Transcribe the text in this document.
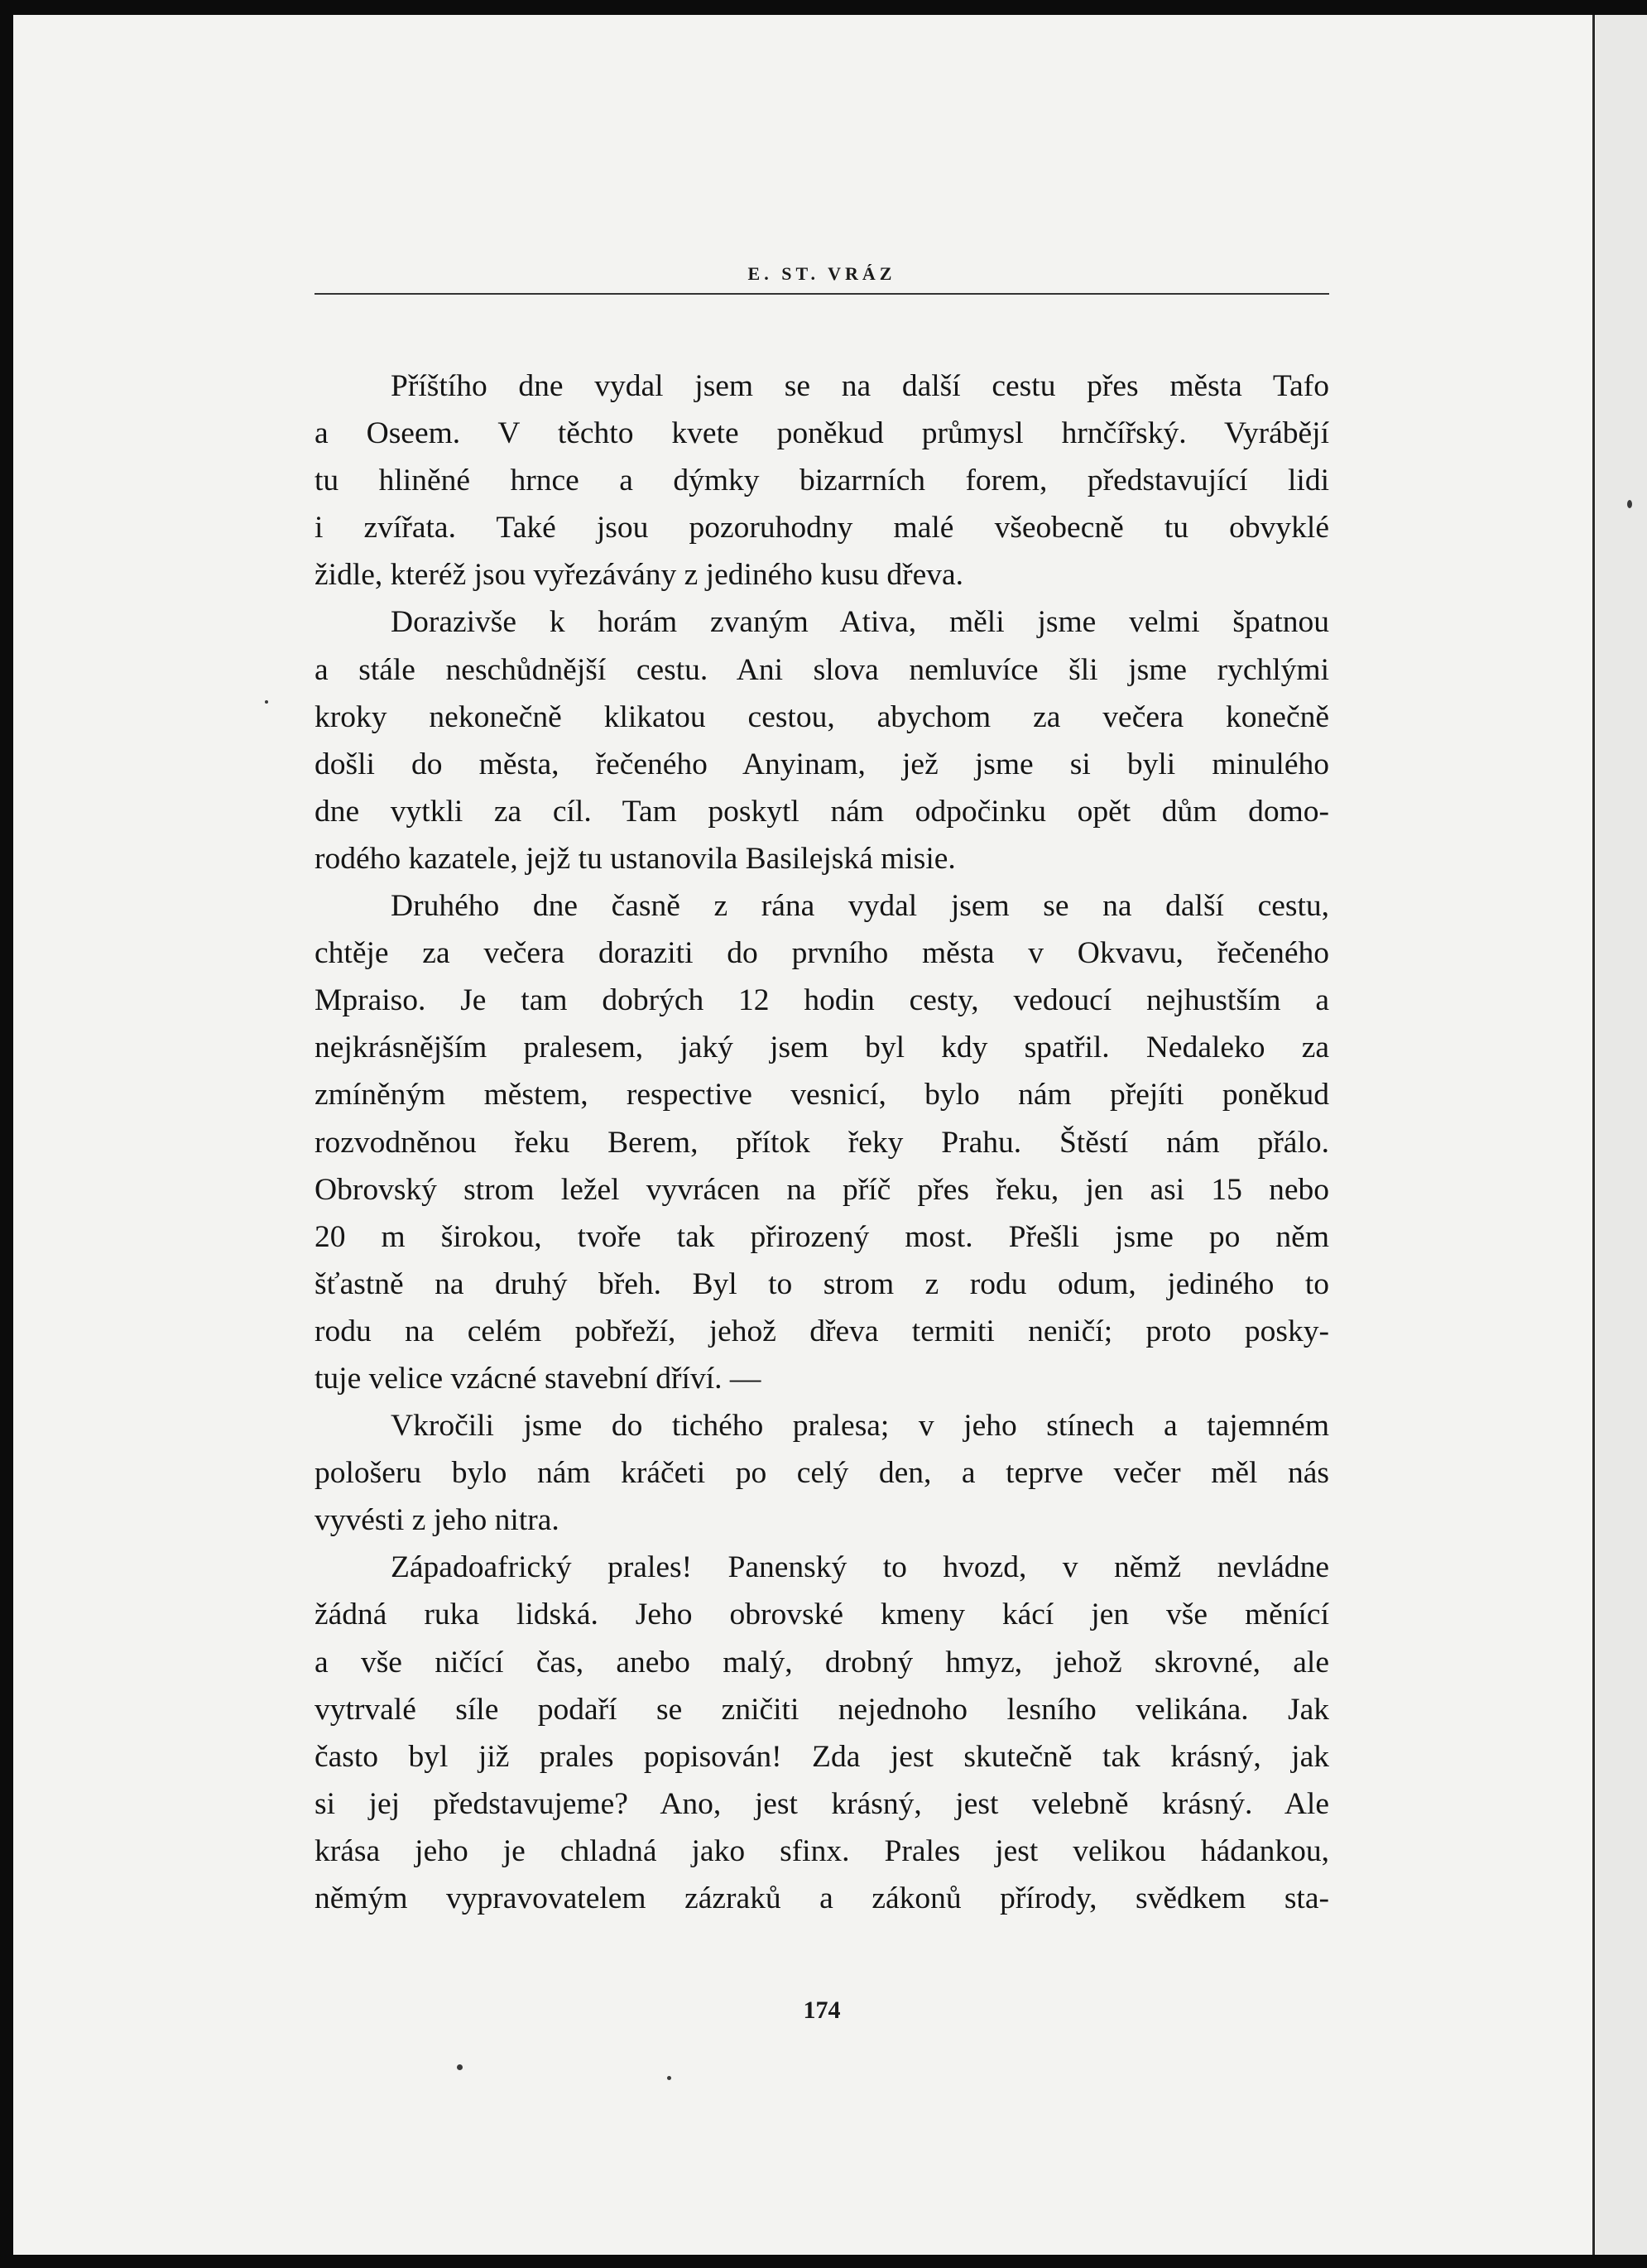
E. ST. VRÁZ
Příštího dne vydal jsem se na další cestu přes města Tafo
a Oseem. V těchto kvete poněkud průmysl hrnčířský. Vyrábějí
tu hliněné hrnce a dýmky bizarrních forem, představující lidi
i zvířata. Také jsou pozoruhodny malé všeobecně tu obvyklé
židle, kteréž jsou vyřezávány z jediného kusu dřeva.
Dorazivše k horám zvaným Ativa, měli jsme velmi špatnou
a stále neschůdnější cestu. Ani slova nemluvíce šli jsme rychlými
kroky nekonečně klikatou cestou, abychom za večera konečně
došli do města, řečeného Anyinam, jež jsme si byli minulého
dne vytkli za cíl. Tam poskytl nám odpočinku opět dům domo-
rodého kazatele, jejž tu ustanovila Basilejská misie.
Druhého dne časně z rána vydal jsem se na další cestu,
chtěje za večera doraziti do prvního města v Okvavu, řečeného
Mpraiso. Je tam dobrých 12 hodin cesty, vedoucí nejhustším a
nejkrásnějším pralesem, jaký jsem byl kdy spatřil. Nedaleko za
zmíněným městem, respective vesnicí, bylo nám přejíti poněkud
rozvodněnou řeku Berem, přítok řeky Prahu. Štěstí nám přálo.
Obrovský strom ležel vyvrácen na příč přes řeku, jen asi 15 nebo
20 m širokou, tvoře tak přirozený most. Přešli jsme po něm
šťastně na druhý břeh. Byl to strom z rodu odum, jediného to
rodu na celém pobřeží, jehož dřeva termiti neničí; proto posky-
tuje velice vzácné stavební dříví. —
Vkročili jsme do tichého pralesa; v jeho stínech a tajemném
pološeru bylo nám kráčeti po celý den, a teprve večer měl nás
vyvésti z jeho nitra.
Západoafrický prales! Panenský to hvozd, v němž nevládne
žádná ruka lidská. Jeho obrovské kmeny kácí jen vše měnící
a vše ničící čas, anebo malý, drobný hmyz, jehož skrovné, ale
vytrvalé síle podaří se zničiti nejednoho lesního velikána. Jak
často byl již prales popisován! Zda jest skutečně tak krásný, jak
si jej představujeme? Ano, jest krásný, jest velebně krásný. Ale
krása jeho je chladná jako sfinx. Prales jest velikou hádankou,
němým vypravovatelem zázraků a zákonů přírody, svědkem sta-
174
